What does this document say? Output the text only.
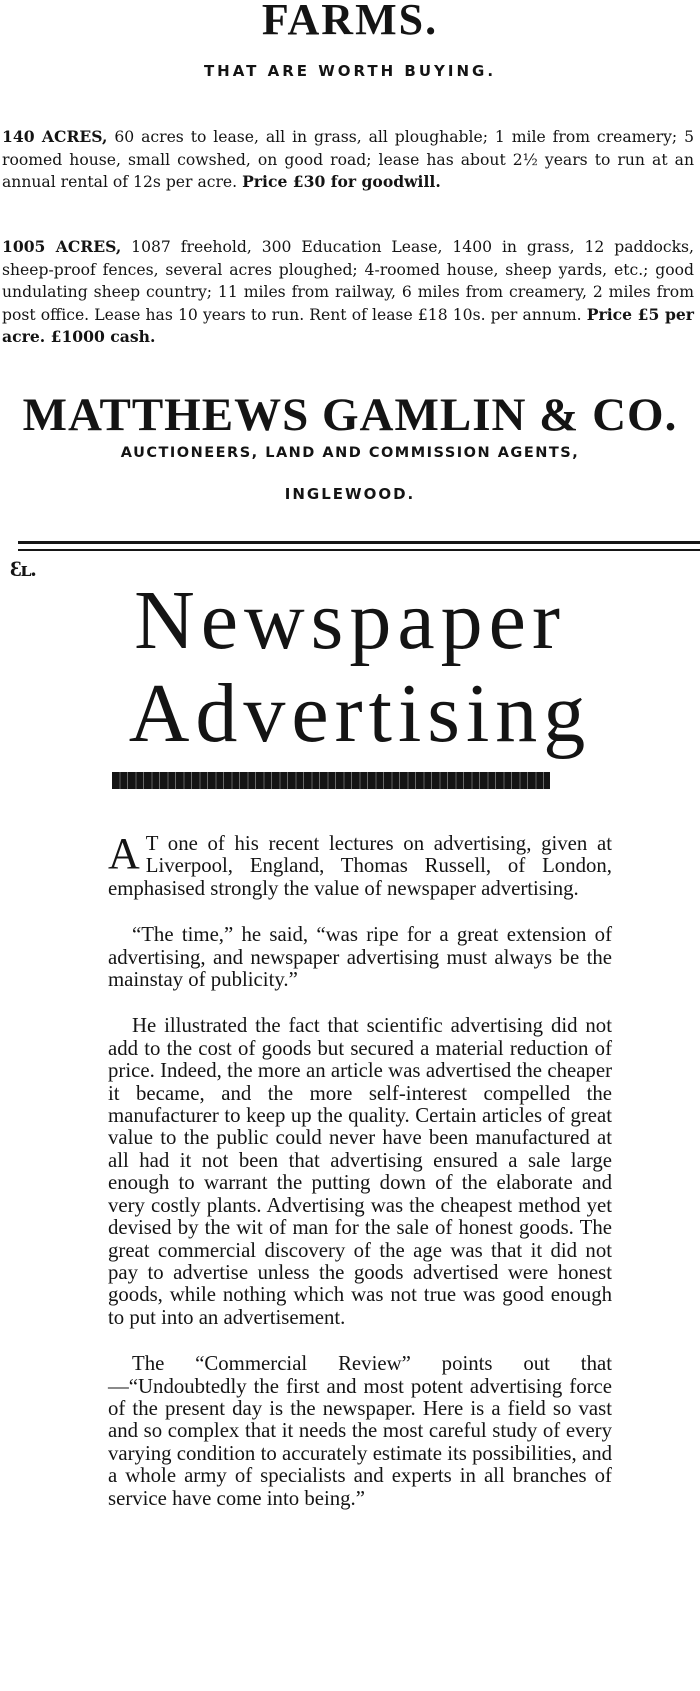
FARMS.
THAT ARE WORTH BUYING.

140 ACRES, 60 acres to lease, all in grass, all ploughable; 1 mile from creamery; 5 roomed house, small cowshed, on good road; lease has about 2½ years to run at an annual rental of 12s per acre. Price £30 for goodwill.

1005 ACRES, 1087 freehold, 300 Education Lease, 1400 in grass, 12 paddocks, sheep-proof fences, several acres ploughed; 4-roomed house, sheep yards, etc.; good undulating sheep country; 11 miles from railway, 6 miles from creamery, 2 miles from post office. Lease has 10 years to run. Rent of lease £18 10s. per annum. Price £5 per acre. £1000 cash.

MATTHEWS GAMLIN & CO.
AUCTIONEERS, LAND AND COMMISSION AGENTS,
INGLEWOOD.
Ɛʟ.
Newspaper
Advertising

A T one of his recent lectures on advertising, given at Liverpool, England, Thomas Russell, of London, emphasised strongly the value of newspaper advertising.

“The time,” he said, “was ripe for a great extension of advertising, and newspaper advertising must always be the mainstay of publicity.”

He illustrated the fact that scientific advertising did not add to the cost of goods but secured a material reduction of price. Indeed, the more an article was advertised the cheaper it became, and the more self-interest compelled the manufacturer to keep up the quality. Certain articles of great value to the public could never have been manufactured at all had it not been that advertising ensured a sale large enough to warrant the putting down of the elaborate and very costly plants. Advertising was the cheapest method yet devised by the wit of man for the sale of honest goods. The great commercial discovery of the age was that it did not pay to advertise unless the goods advertised were honest goods, while nothing which was not true was good enough to put into an advertisement.

The “Commercial Review” points out that—“Undoubtedly the first and most potent advertising force of the present day is the newspaper. Here is a field so vast and so complex that it needs the most careful study of every varying condition to accurately estimate its possibilities, and a whole army of specialists and experts in all branches of service have come into being.”
